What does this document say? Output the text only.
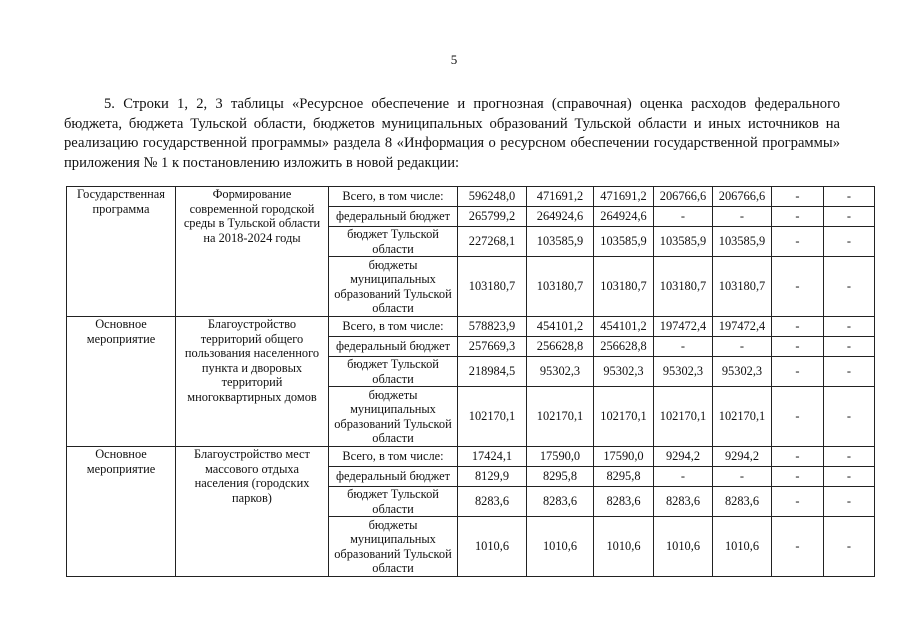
5

5. Строки 1, 2, 3 таблицы «Ресурсное обеспечение и прогнозная (справочная) оценка расходов федерального бюджета, бюджета Тульской области, бюджетов муниципальных образований Тульской области и иных источников на реализацию государственной программы» раздела 8 «Информация о ресурсном обеспечении государственной программы» приложения № 1 к постановлению изложить в новой редакции:

Государственная программа	Формирование современной городской среды в Тульской области на 2018-2024 годы	Всего, в том числе:	596248,0	471691,2	471691,2	206766,6	206766,6	-	-
		федеральный бюджет	265799,2	264924,6	264924,6	-	-	-	-
		бюджет Тульской области	227268,1	103585,9	103585,9	103585,9	103585,9	-	-
		бюджеты муниципальных образований Тульской области	103180,7	103180,7	103180,7	103180,7	103180,7	-	-
Основное мероприятие	Благоустройство территорий общего пользования населенного пункта и дворовых территорий многоквартирных домов	Всего, в том числе:	578823,9	454101,2	454101,2	197472,4	197472,4	-	-
		федеральный бюджет	257669,3	256628,8	256628,8	-	-	-	-
		бюджет Тульской области	218984,5	95302,3	95302,3	95302,3	95302,3	-	-
		бюджеты муниципальных образований Тульской области	102170,1	102170,1	102170,1	102170,1	102170,1	-	-
Основное мероприятие	Благоустройство мест массового отдыха населения (городских парков)	Всего, в том числе:	17424,1	17590,0	17590,0	9294,2	9294,2	-	-
		федеральный бюджет	8129,9	8295,8	8295,8	-	-	-	-
		бюджет Тульской области	8283,6	8283,6	8283,6	8283,6	8283,6	-	-
		бюджеты муниципальных образований Тульской области	1010,6	1010,6	1010,6	1010,6	1010,6	-	-
